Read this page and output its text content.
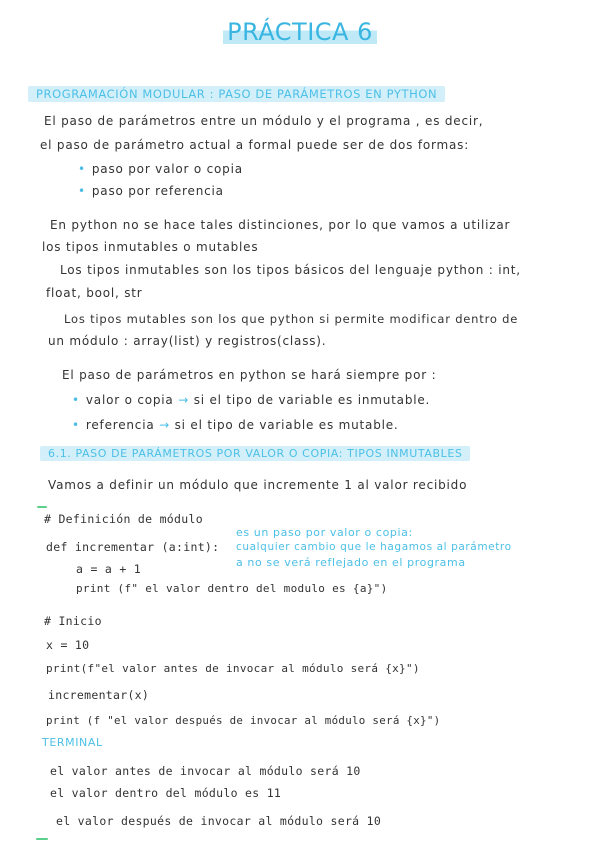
PRÁCTICA 6
PROGRAMACIÓN MODULAR : PASO DE PARÁMETROS EN PYTHON
El paso de parámetros entre un módulo y el programa , es decir,
el paso de parámetro actual a formal puede ser de dos formas:
• paso por valor o copia
• paso por referencia
En python no se hace tales distinciones, por lo que vamos a utilizar
los tipos inmutables o mutables
Los tipos inmutables son los tipos básicos del lenguaje python : int,
float, bool, str
Los tipos mutables son los que python si permite modificar dentro de
un módulo : array(list) y registros(class).
El paso de parámetros en python se hará siempre por :
• valor o copia → si el tipo de variable es inmutable.
• referencia → si el tipo de variable es mutable.
6.1. PASO DE PARÁMETROS POR VALOR O COPIA: TIPOS INMUTABLES
Vamos a definir un módulo que incremente 1 al valor recibido
# Definición de módulo
def incrementar (a:int):
a = a + 1
print (f" el valor dentro del modulo es {a}")
es un paso por valor o copia:
cualquier cambio que le hagamos al parámetro
a no se verá reflejado en el programa
# Inicio
x = 10
print(f"el valor antes de invocar al módulo será {x}")
incrementar(x)
print (f "el valor después de invocar al módulo será {x}")
TERMINAL
el valor antes de invocar al módulo será 10
el valor dentro del módulo es 11
el valor después de invocar al módulo será 10
